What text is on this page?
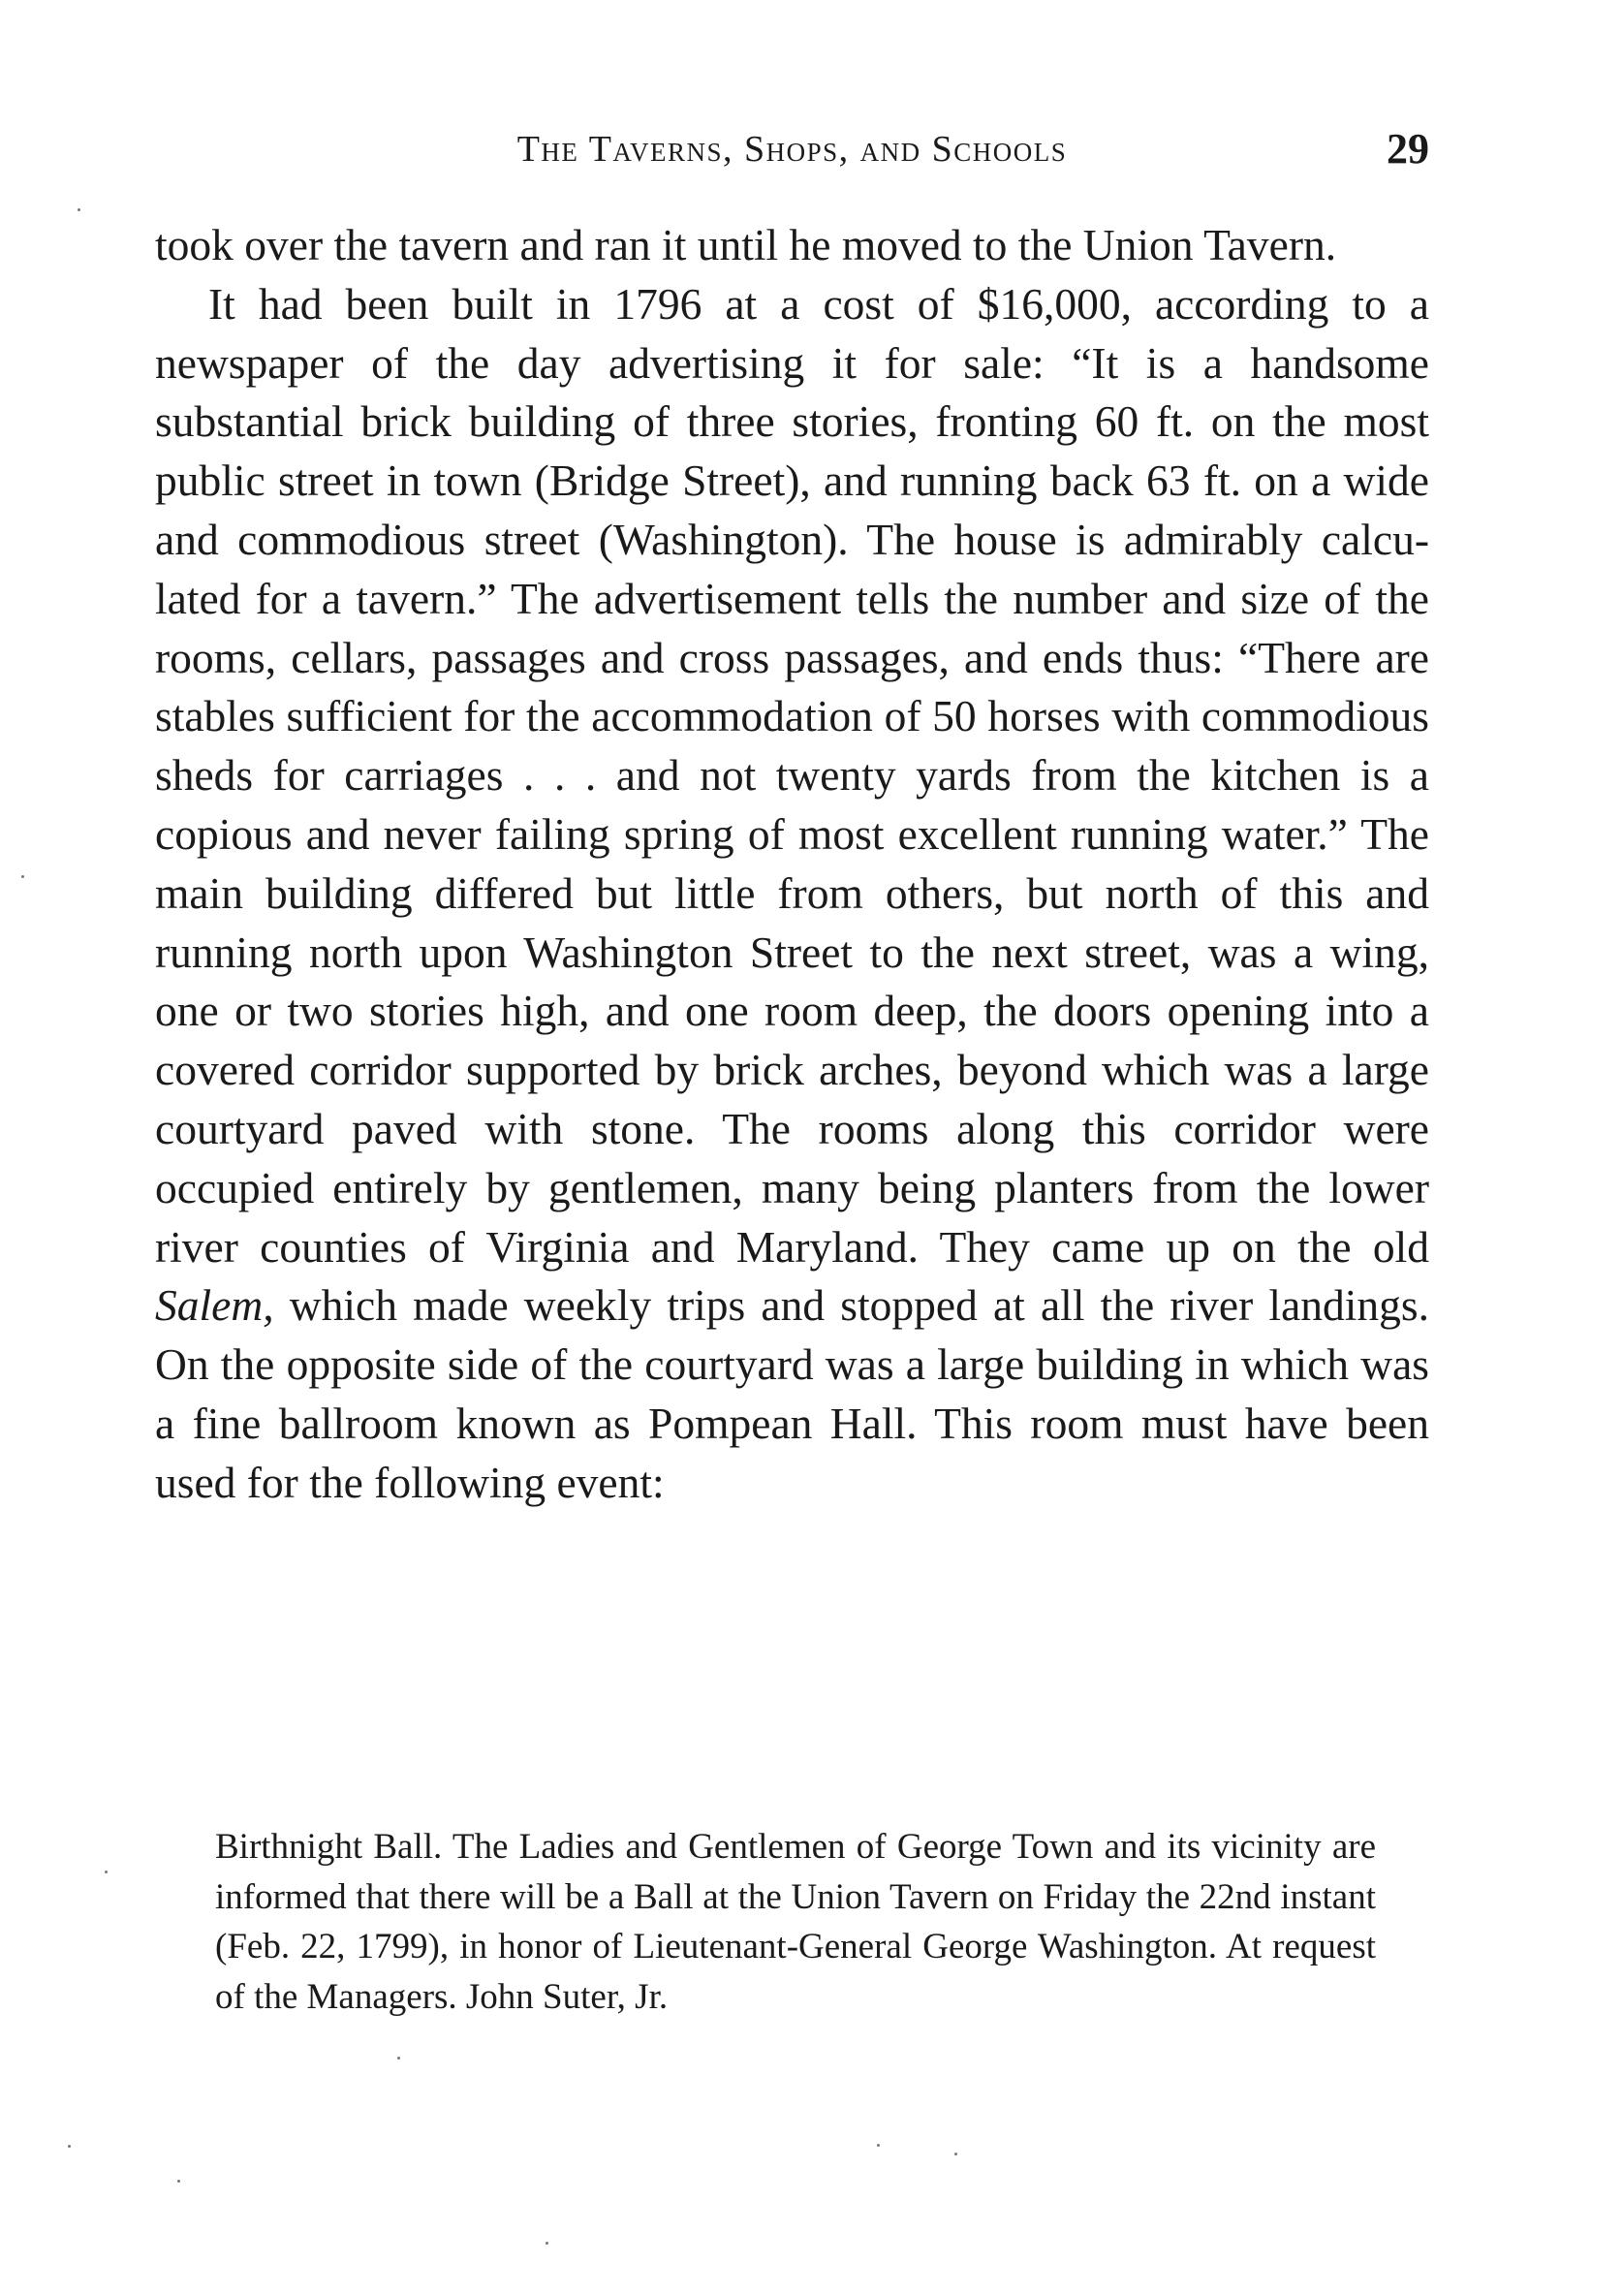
The Taverns, Shops, and Schools	29

took over the tavern and ran it until he moved to the Union Tavern.

It had been built in 1796 at a cost of $16,000, according to a newspaper of the day advertising it for sale: “It is a handsome substantial brick building of three stories, fronting 60 ft. on the most public street in town (Bridge Street), and running back 63 ft. on a wide and commodious street (Washington). The house is admirably calculated for a tavern.” The advertisement tells the number and size of the rooms, cellars, passages and cross passages, and ends thus: “There are stables sufficient for the accommodation of 50 horses with commodious sheds for carriages . . . and not twenty yards from the kitchen is a copious and never failing spring of most excellent running water.” The main building differed but little from others, but north of this and running north upon Washington Street to the next street, was a wing, one or two stories high, and one room deep, the doors opening into a covered corridor supported by brick arches, beyond which was a large courtyard paved with stone. The rooms along this corridor were occupied entirely by gentlemen, many being planters from the lower river counties of Virginia and Maryland. They came up on the old Salem, which made weekly trips and stopped at all the river landings. On the opposite side of the courtyard was a large building in which was a fine ballroom known as Pompean Hall. This room must have been used for the following event:

Birthnight Ball. The Ladies and Gentlemen of George Town and its vicinity are informed that there will be a Ball at the Union Tavern on Friday the 22nd instant (Feb. 22, 1799), in honor of Lieutenant-General George Washington. At request of the Managers. John Suter, Jr.
